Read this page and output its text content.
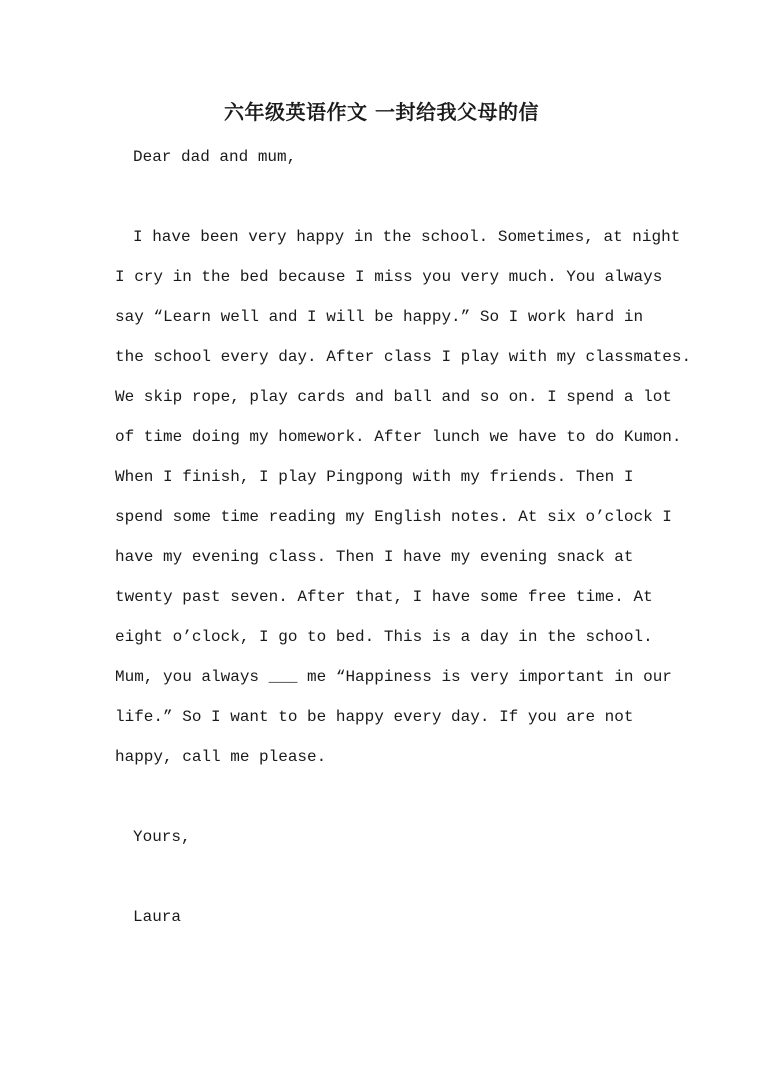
六年级英语作文 一封给我父母的信
Dear dad and mum,
I have been very happy in the school. Sometimes, at night
I cry in the bed because I miss you very much. You always
say “Learn well and I will be happy.” So I work hard in
the school every day. After class I play with my classmates.
We skip rope, play cards and ball and so on. I spend a lot
of time doing my homework. After lunch we have to do Kumon.
When I finish, I play Pingpong with my friends. Then I
spend some time reading my English notes. At six o’clock I
have my evening class. Then I have my evening snack at
twenty past seven. After that, I have some free time. At
eight o’clock, I go to bed. This is a day in the school.
Mum, you always ___ me “Happiness is very important in our
life.” So I want to be happy every day. If you are not
happy, call me please.
Yours,
Laura
